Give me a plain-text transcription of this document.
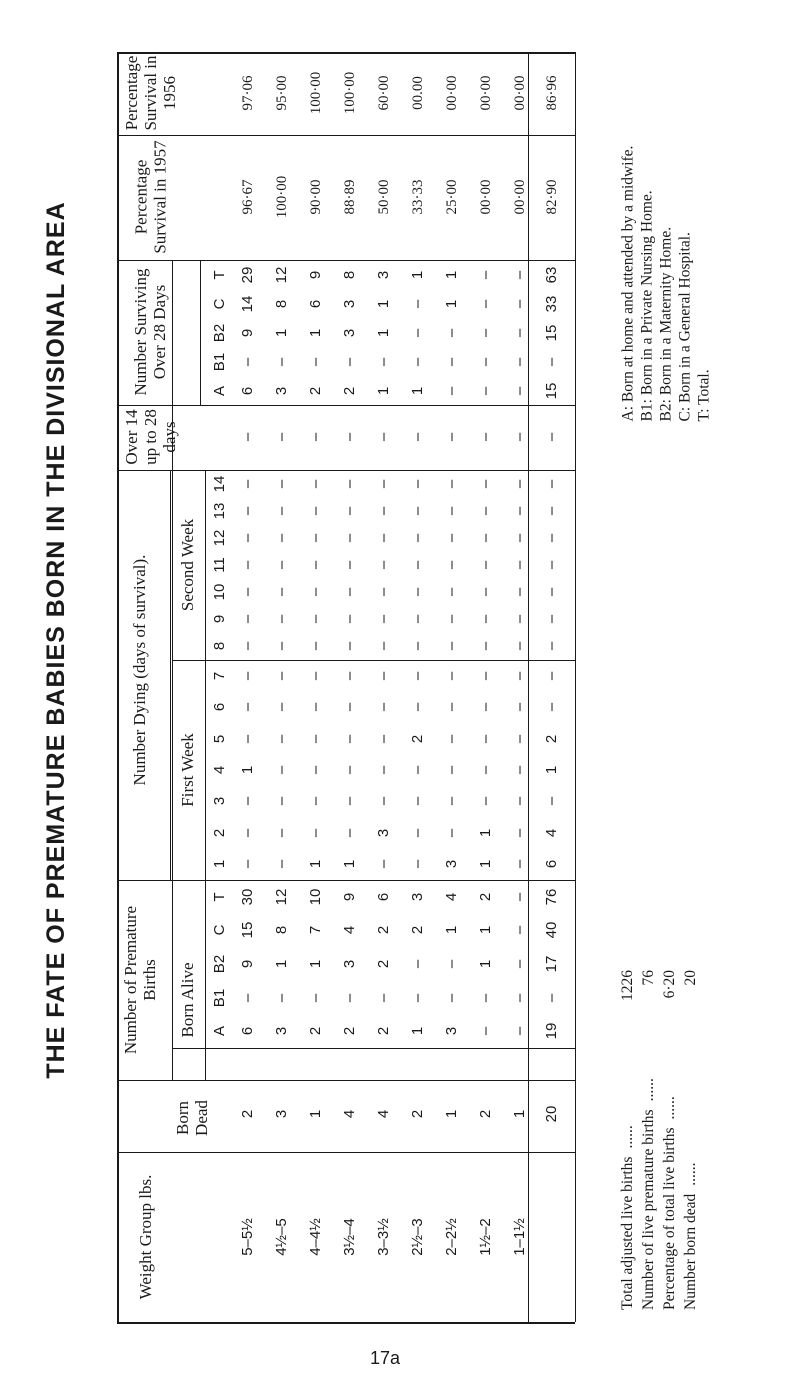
THE FATE OF PREMATURE BABIES BORN IN THE DIVISIONAL AREA
Weight Group lbs.
Number of Premature Births Born Alive
Born Dead
Number Dying (days of survival). First Week
Second Week
Over 14 up to 28 days
Number Surviving Over 28 Days
Percentage Survival in 1957
Percentage Survival in 1956
A
B1
B2
C
T
1
2
3
4
5
6
7
8
9
10
11
12
13
14
A
B1
B2
C
T
5–5½
6
–
9
15
30
2
–
–
–
1
–
–
–
–
–
–
–
–
–
–
–
6
–
9
14
29
96·67
97·06
4½–5
3
–
1
8
12
3
–
–
–
–
–
–
–
–
–
–
–
–
–
–
–
3
–
1
8
12
100·00
95·00
4–4½
2
–
1
7
10
1
1
–
–
–
–
–
–
–
–
–
–
–
–
–
–
2
–
1
6
9
90·00
100·00
3½–4
2
–
3
4
9
4
1
–
–
–
–
–
–
–
–
–
–
–
–
–
–
2
–
3
3
8
88·89
100·00
3–3½
2
–
2
2
6
4
–
3
–
–
–
–
–
–
–
–
–
–
–
–
–
1
–
1
1
3
50·00
60·00
2½–3
1
–
–
2
3
2
–
–
–
–
2
–
–
–
–
–
–
–
–
–
–
1
–
–
–
1
33·33
00.00
2–2½
3
–
–
1
4
1
3
–
–
–
–
–
–
–
–
–
–
–
–
–
–
–
–
–
1
1
25·00
00·00
1½–2
–
–
1
1
2
2
1
1
–
–
–
–
–
–
–
–
–
–
–
–
–
–
–
–
–
–
00·00
00·00
1–1½
–
–
–
–
–
1
–
–
–
–
–
–
–
–
–
–
–
–
–
–
–
–
–
–
–
–
00·00
00·00
19
–
17
40
76
20
6
4
–
1
2
–
–
–
–
–
–
–
–
–
–
15
–
15
33
63
82·90
86·96
Total adjusted live births......
1226
Number of live premature births......
76
Percentage of total live births......
6·20
Number born dead......
20
A: Born at home and attended by a midwife. B1: Born in a Private Nursing Home. B2: Born in a Maternity Home. C: Born in a General Hospital. T: Total.
17a
